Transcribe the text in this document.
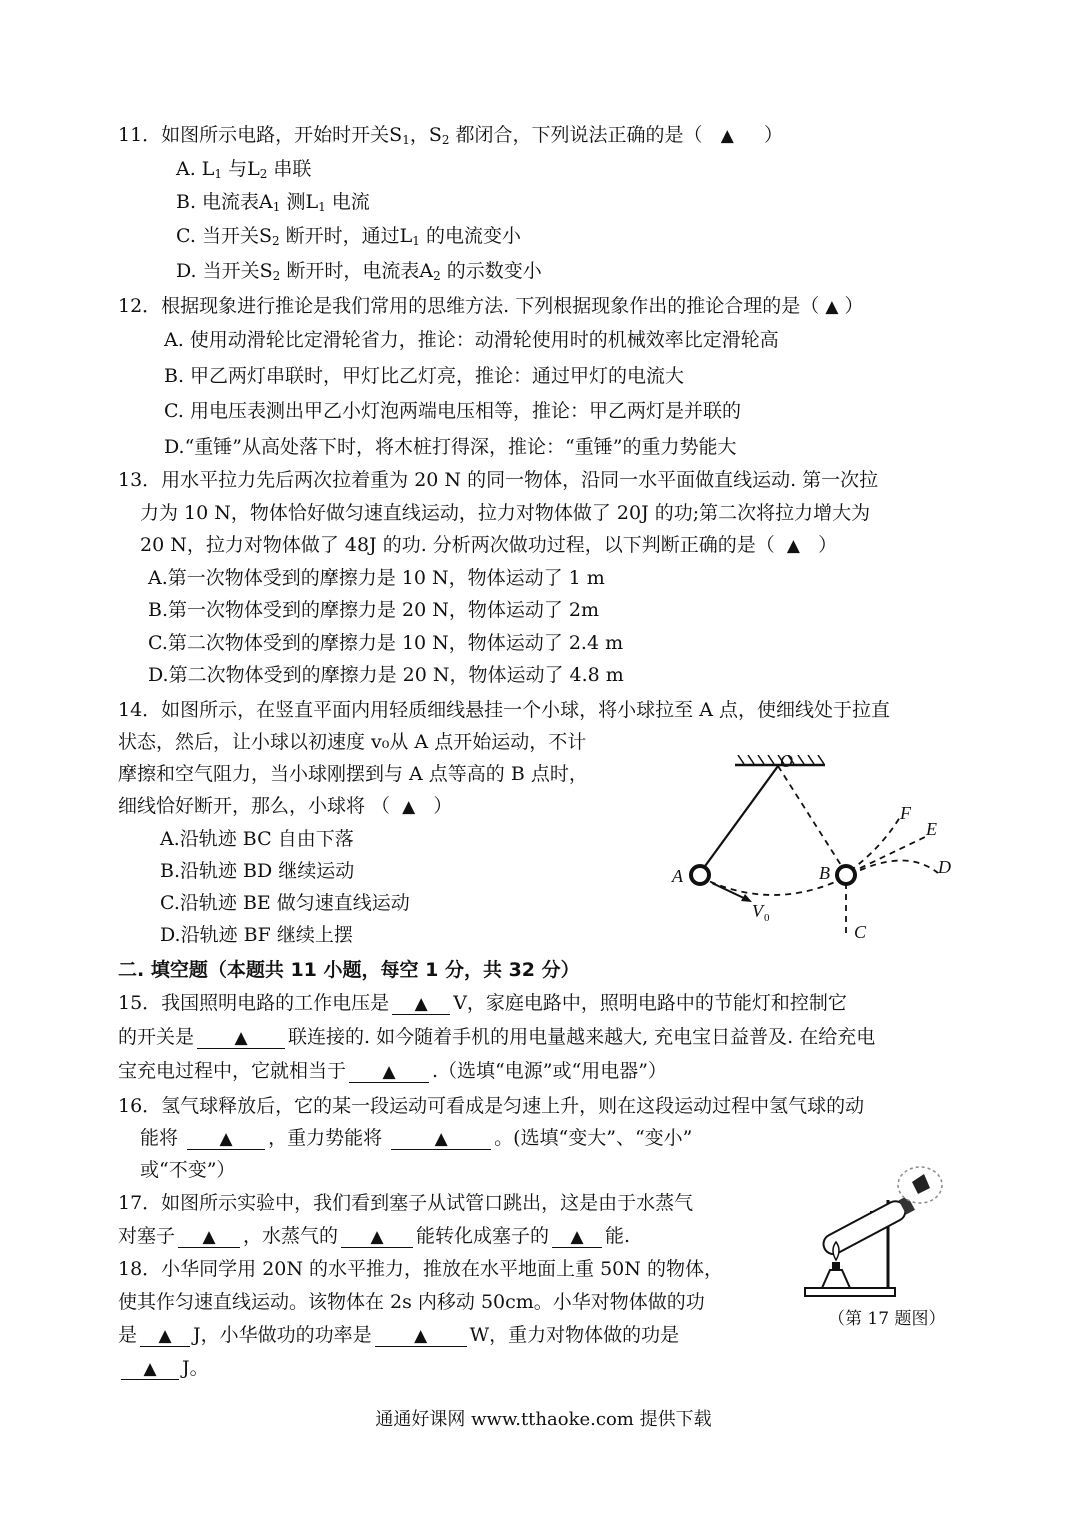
11．如图所示电路，开始时开关$S_1$，$S_2$ 都闭合，下列说法正确的是（ ▲ ）
A. $L_1$ 与$L_2$ 串联
B. 电流表$A_1$ 测$L_1$ 电流
C. 当开关$S_2$ 断开时，通过$L_1$ 的电流变小
D. 当开关$S_2$ 断开时，电流表$A_2$ 的示数变小
12．根据现象进行推论是我们常用的思维方法. 下列根据现象作出的推论合理的是（ ▲ ）
A. 使用动滑轮比定滑轮省力，推论：动滑轮使用时的机械效率比定滑轮高
B. 甲乙两灯串联时，甲灯比乙灯亮，推论：通过甲灯的电流大
C. 用电压表测出甲乙小灯泡两端电压相等，推论：甲乙两灯是并联的
D.“重锤”从高处落下时，将木桩打得深，推论：“重锤”的重力势能大
13．用水平拉力先后两次拉着重为 20 N 的同一物体，沿同一水平面做直线运动. 第一次拉
力为 10 N，物体恰好做匀速直线运动，拉力对物体做了 20J 的功;第二次将拉力增大为
20 N，拉力对物体做了 48J 的功. 分析两次做功过程，以下判断正确的是（ ▲ ）
A.第一次物体受到的摩擦力是 10 N，物体运动了 1 m
B.第一次物体受到的摩擦力是 20 N，物体运动了 2m
C.第二次物体受到的摩擦力是 10 N，物体运动了 2.4 m
D.第二次物体受到的摩擦力是 20 N，物体运动了 4.8 m
14．如图所示，在竖直平面内用轻质细线悬挂一个小球，将小球拉至 A 点，使细线处于拉直
状态，然后，让小球以初速度 v₀从 A 点开始运动，不计
摩擦和空气阻力，当小球刚摆到与 A 点等高的 B 点时，
细线恰好断开，那么，小球将 （ ▲ ）
A.沿轨迹 BC 自由下落
B.沿轨迹 BD 继续运动
C.沿轨迹 BE 做匀速直线运动
D.沿轨迹 BF 继续上摆
O
A	B
C
D
E
F
V 0
二. 填空题（本题共 11 小题，每空 1 分，共 32 分）
15．我国照明电路的工作电压是 ▲ V，家庭电路中，照明电路中的节能灯和控制它
的开关是 ▲ 联连接的. 如今随着手机的用电量越来越大, 充电宝日益普及. 在给充电
宝充电过程中，它就相当于 ▲ .（选填“电源”或“用电器”）
16．氢气球释放后，它的某一段运动可看成是匀速上升，则在这段运动过程中氢气球的动
能将 ▲ ，重力势能将	▲ 。(选填“变大”、“变小”
或“不变”）
17．如图所示实验中，我们看到塞子从试管口跳出，这是由于水蒸气
对塞子 ▲ ，水蒸气的 ▲ 能转化成塞子的 ▲ 能.
（第 17 题图）
18．小华同学用 20N 的水平推力，推放在水平地面上重 50N 的物体，
使其作匀速直线运动。该物体在 2s 内移动 50cm。小华对物体做的功
是 ▲ J，小华做功的功率是 ▲ W，重力对物体做的功是
▲ J。
通通好课网 www.tthaoke.com 提供下载
